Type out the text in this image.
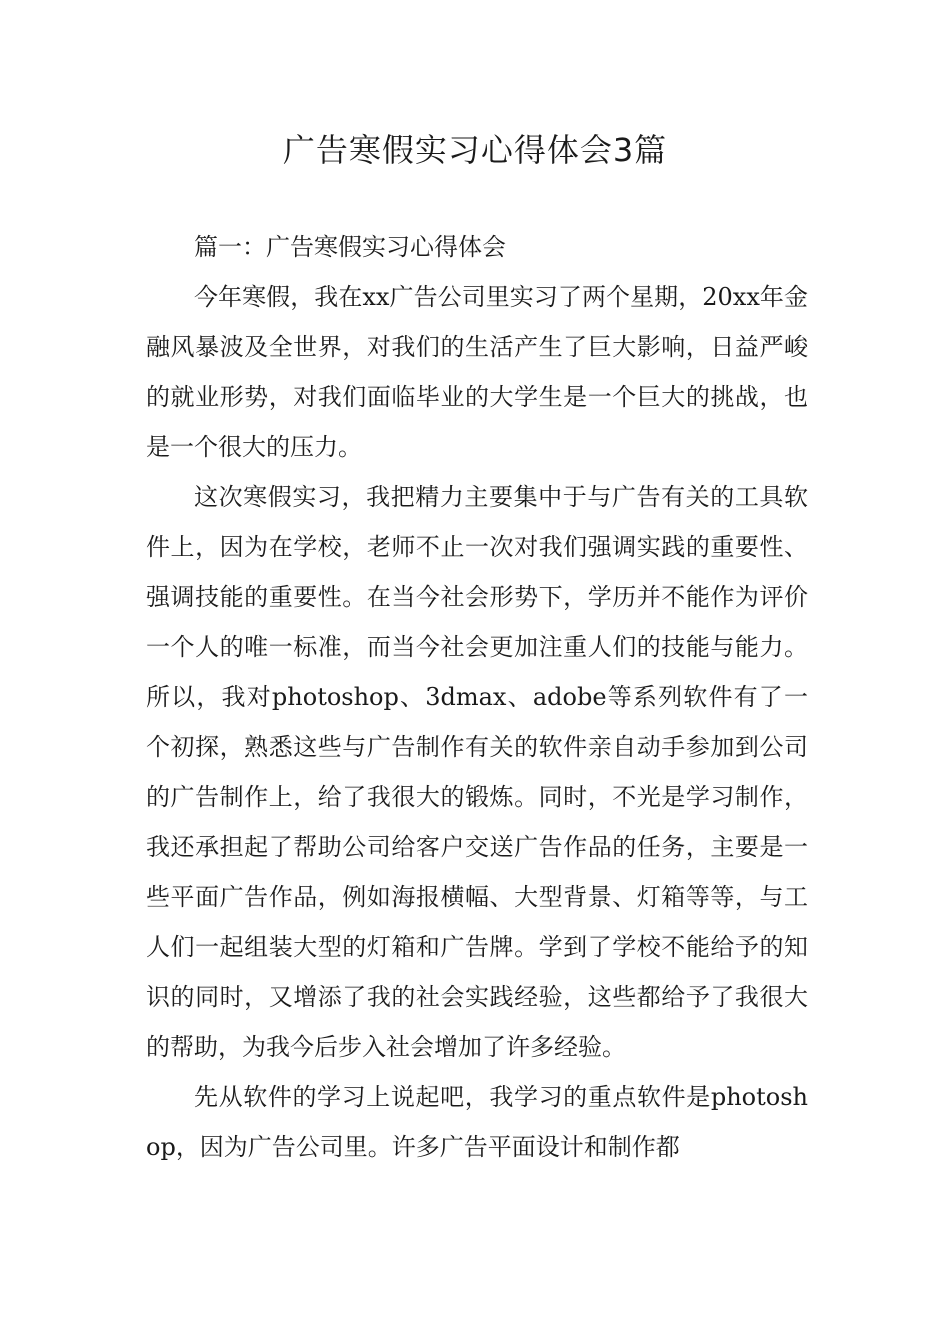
广告寒假实习心得体会3篇

篇一：广告寒假实习心得体会

今年寒假，我在xx广告公司里实习了两个星期，20xx年金融风暴波及全世界，对我们的生活产生了巨大影响，日益严峻的就业形势，对我们面临毕业的大学生是一个巨大的挑战，也是一个很大的压力。

这次寒假实习，我把精力主要集中于与广告有关的工具软件上，因为在学校，老师不止一次对我们强调实践的重要性、强调技能的重要性。在当今社会形势下，学历并不能作为评价一个人的唯一标准，而当今社会更加注重人们的技能与能力。所以，我对photoshop、3dmax、adobe等系列软件有了一个初探，熟悉这些与广告制作有关的软件亲自动手参加到公司的广告制作上，给了我很大的锻炼。同时，不光是学习制作，我还承担起了帮助公司给客户交送广告作品的任务，主要是一些平面广告作品，例如海报横幅、大型背景、灯箱等等，与工人们一起组装大型的灯箱和广告牌。学到了学校不能给予的知识的同时，又增添了我的社会实践经验，这些都给予了我很大的帮助，为我今后步入社会增加了许多经验。

先从软件的学习上说起吧，我学习的重点软件是photoshop，因为广告公司里。许多广告平面设计和制作都
